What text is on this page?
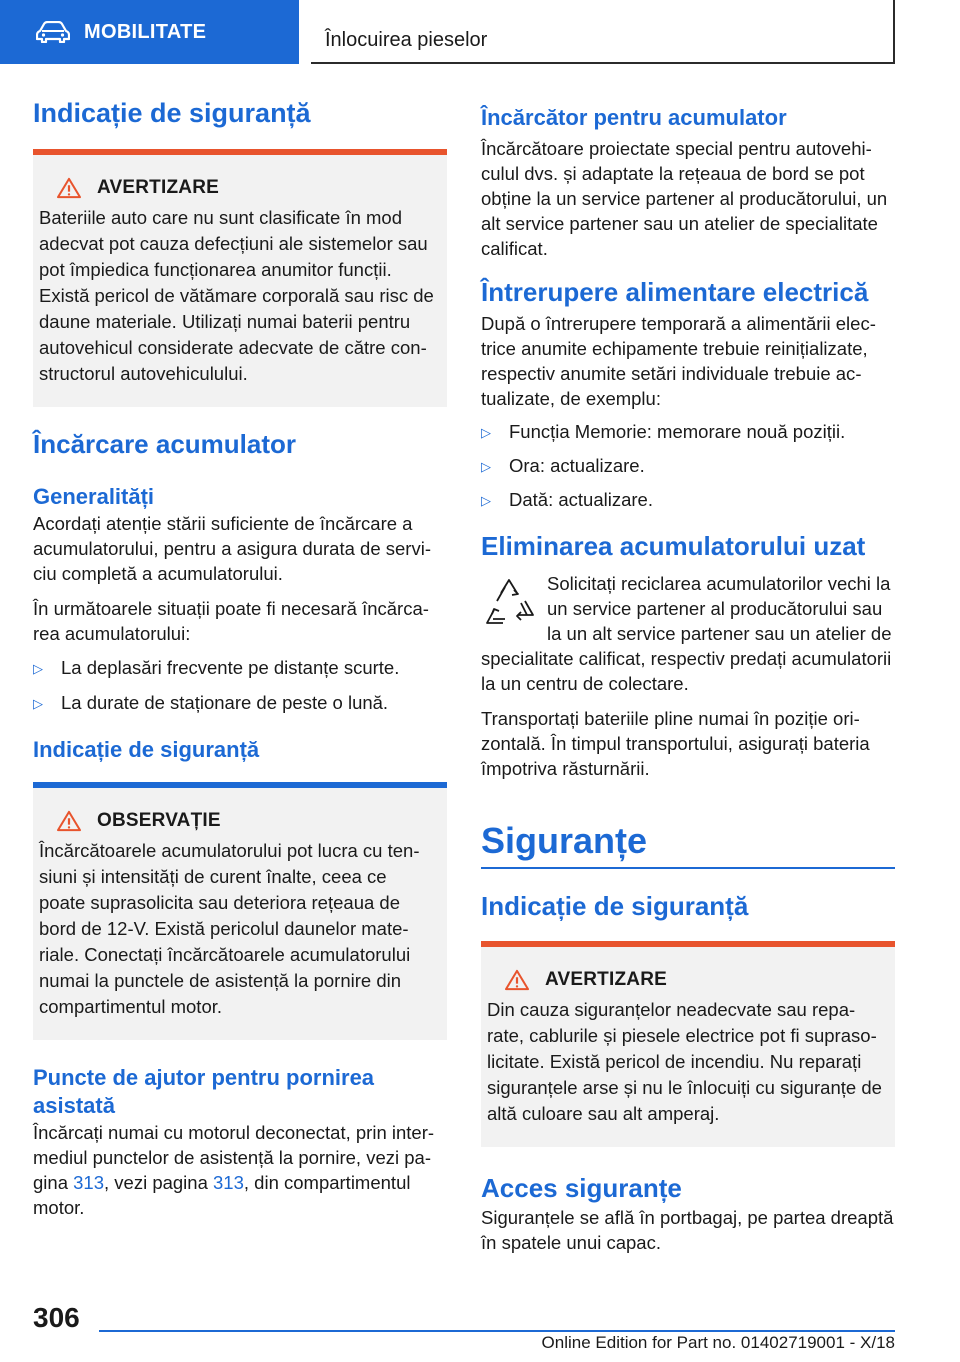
MOBILITATE	Înlocuirea pieselor
Indicație de siguranță
AVERTIZARE
Bateriile auto care nu sunt clasificate în mod adecvat pot cauza defecțiuni ale sistemelor sau pot împiedica funcționarea anumitor funcții. Există pericol de vătămare corporală sau risc de daune materiale. Utilizați numai baterii pentru autovehicul considerate adecvate de către constructorul autovehiculului.
Încărcare acumulator
Generalități

Acordați atenție stării suficiente de încărcare a acumulatorului, pentru a asigura durata de serviciu completă a acumulatorului.

În următoarele situații poate fi necesară încărcarea acumulatorului:

▷ La deplasări frecvente pe distanțe scurte.
▷ La durate de staționare de peste o lună.
Indicație de siguranță
OBSERVAȚIE
Încărcătoarele acumulatorului pot lucra cu tensiuni și intensități de curent înalte, ceea ce poate suprasolicita sau deteriora rețeaua de bord de 12-V. Există pericolul daunelor materiale. Conectați încărcătoarele acumulatorului numai la punctele de asistență la pornire din compartimentul motor.
Puncte de ajutor pentru pornirea asistată

Încărcați numai cu motorul deconectat, prin intermediul punctelor de asistență la pornire, vezi pagina 313, vezi pagina 313, din compartimentul motor.

Încărcător pentru acumulator

Încărcătoare proiectate special pentru autovehiculul dvs. și adaptate la rețeaua de bord se pot obține la un service partener al producătorului, un alt service partener sau un atelier de specialitate calificat.

Întrerupere alimentare electrică

După o întrerupere temporară a alimentării electrice anumite echipamente trebuie reinițializate, respectiv anumite setări individuale trebuie actualizate, de exemplu:

▷ Funcția Memorie: memorare nouă poziții.
▷ Ora: actualizare.
▷ Dată: actualizare.
Eliminarea acumulatorului uzat

Solicitați reciclarea acumulatorilor vechi la un service partener al producătorului sau la un alt service partener sau un atelier de specialitate calificat, respectiv predați acumulatorii la un centru de colectare.

Transportați bateriile pline numai în poziție orizontală. În timpul transportului, asigurați bateria împotriva răsturnării.

Siguranțe
Indicație de siguranță
AVERTIZARE
Din cauza siguranțelor neadecvate sau reparate, cablurile și piesele electrice pot fi suprasolicitate. Există pericol de incendiu. Nu reparați siguranțele arse și nu le înlocuiți cu siguranțe de altă culoare sau alt amperaj.
Acces siguranțe

Siguranțele se află în portbagaj, pe partea dreaptă în spatele unui capac.

306
Online Edition for Part no. 01402719001 - X/18
